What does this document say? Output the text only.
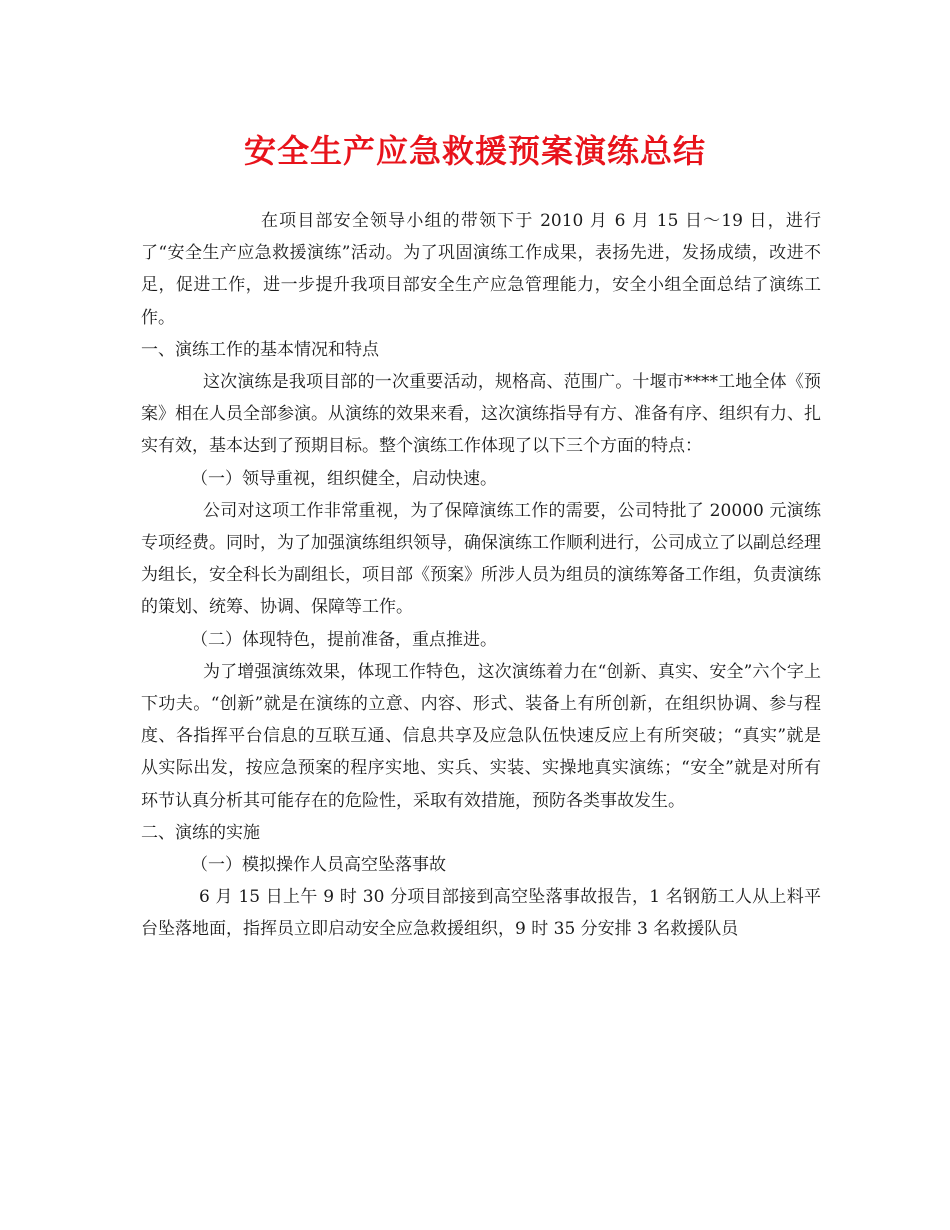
安全生产应急救援预案演练总结

在项目部安全领导小组的带领下于 2010 月 6 月 15 日～19 日，进行了“安全生产应急救援演练”活动。为了巩固演练工作成果，表扬先进，发扬成绩，改进不足，促进工作，进一步提升我项目部安全生产应急管理能力，安全小组全面总结了演练工作。

一、演练工作的基本情况和特点

这次演练是我项目部的一次重要活动，规格高、范围广。十堰市****工地全体《预案》相在人员全部参演。从演练的效果来看，这次演练指导有方、准备有序、组织有力、扎实有效，基本达到了预期目标。整个演练工作体现了以下三个方面的特点：

（一）领导重视，组织健全，启动快速。

公司对这项工作非常重视，为了保障演练工作的需要，公司特批了 20000 元演练专项经费。同时，为了加强演练组织领导，确保演练工作顺利进行，公司成立了以副总经理为组长，安全科长为副组长，项目部《预案》所涉人员为组员的演练筹备工作组，负责演练的策划、统筹、协调、保障等工作。

（二）体现特色，提前准备，重点推进。

为了增强演练效果，体现工作特色，这次演练着力在“创新、真实、安全”六个字上下功夫。“创新”就是在演练的立意、内容、形式、装备上有所创新，在组织协调、参与程度、各指挥平台信息的互联互通、信息共享及应急队伍快速反应上有所突破；“真实”就是从实际出发，按应急预案的程序实地、实兵、实装、实操地真实演练；“安全”就是对所有环节认真分析其可能存在的危险性，采取有效措施，预防各类事故发生。

二、演练的实施

（一）模拟操作人员高空坠落事故

6 月 15 日上午 9 时 30 分项目部接到高空坠落事故报告，1 名钢筋工人从上料平台坠落地面，指挥员立即启动安全应急救援组织，9 时 35 分安排 3 名救援队员
